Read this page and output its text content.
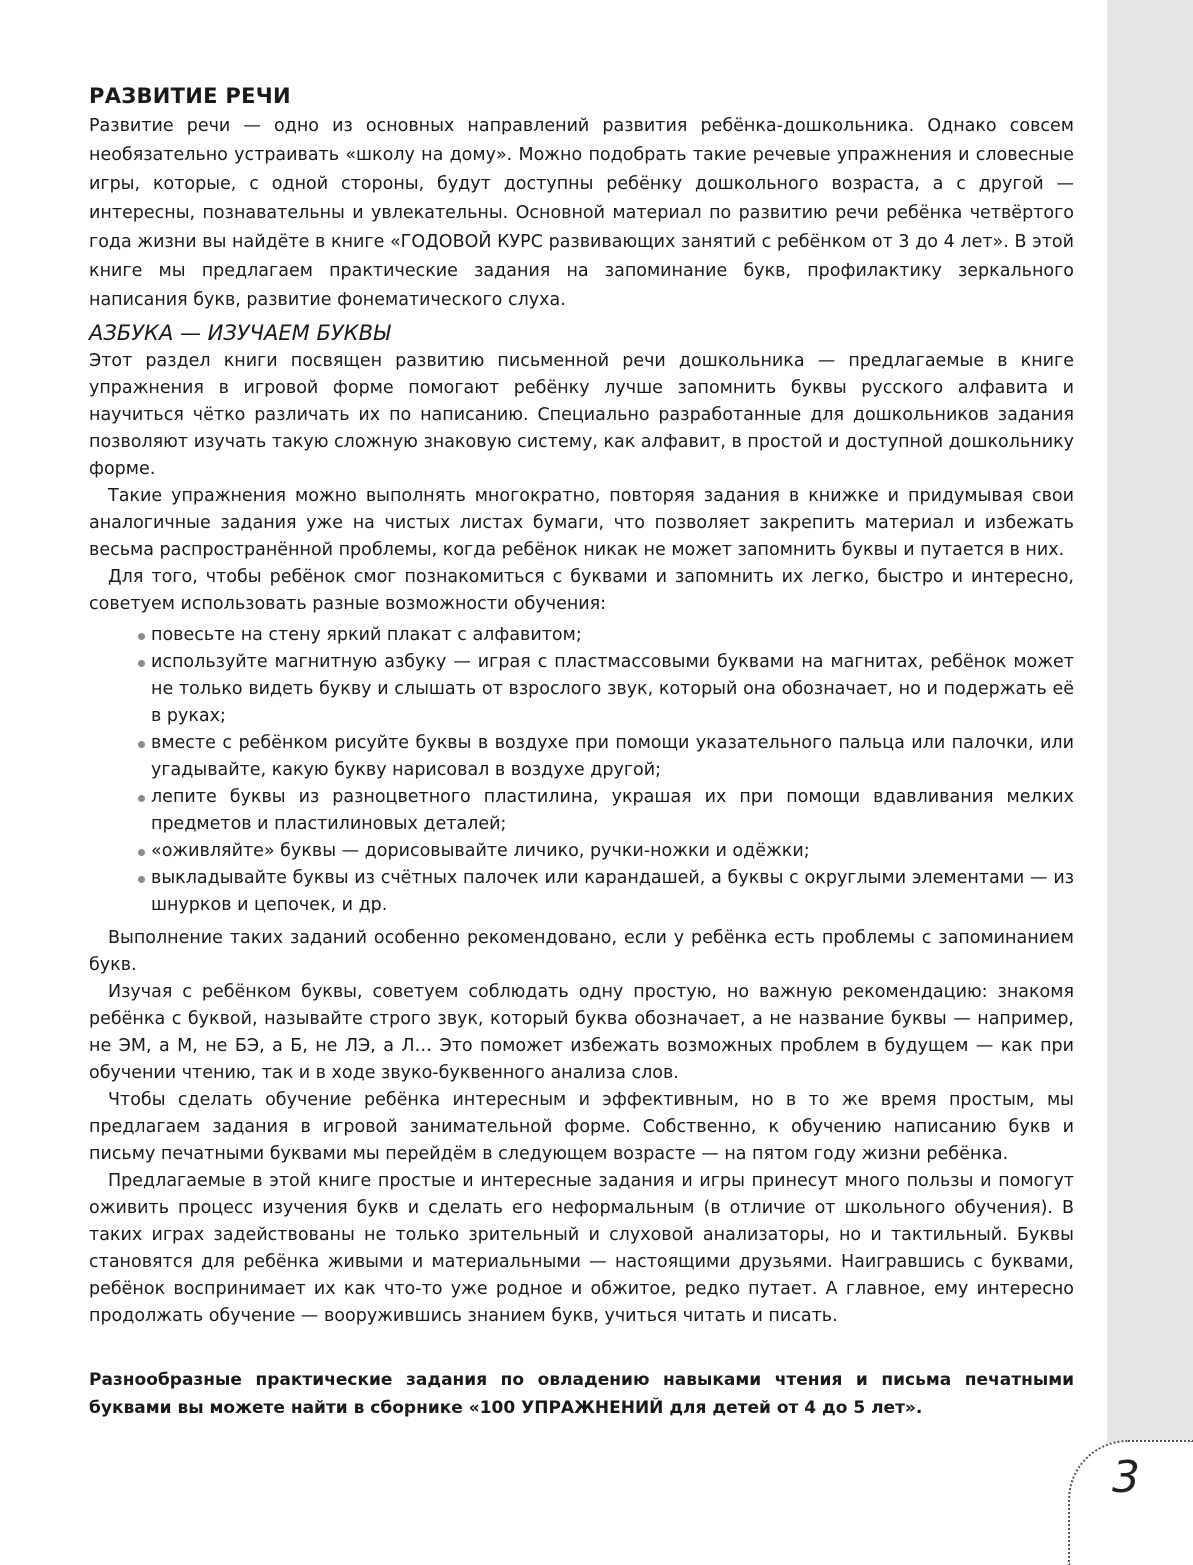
3
РАЗВИТИЕ РЕЧИ

Развитие речи — одно из основных направлений развития ребёнка-дошкольника. Однако совсем необязательно устраивать «школу на дому». Можно подобрать такие речевые упражнения и словесные игры, которые, с одной стороны, будут доступны ребёнку дошкольного возраста, а с другой — интересны, познавательны и увлекательны. Основной материал по развитию речи ребёнка четвёртого года жизни вы найдёте в книге «ГОДОВОЙ КУРС развивающих занятий с ребёнком от 3 до 4 лет». В этой книге мы предлагаем практические задания на запоминание букв, профилактику зеркального написания букв, развитие фонематического слуха.

АЗБУКА — ИЗУЧАЕМ БУКВЫ

Этот раздел книги посвящен развитию письменной речи дошкольника — предлагаемые в книге упражнения в игровой форме помогают ребёнку лучше запомнить буквы русского алфавита и научиться чётко различать их по написанию. Специально разработанные для дошкольников задания позволяют изучать такую сложную знаковую систему, как алфавит, в простой и доступной дошкольнику форме.

Такие упражнения можно выполнять многократно, повторяя задания в книжке и придумывая свои аналогичные задания уже на чистых листах бумаги, что позволяет закрепить материал и избежать весьма распространённой проблемы, когда ребёнок никак не может запомнить буквы и путается в них.

Для того, чтобы ребёнок смог познакомиться с буквами и запомнить их легко, быстро и интересно, советуем использовать разные возможности обучения:

повесьте на стену яркий плакат с алфавитом;
используйте магнитную азбуку — играя с пластмассовыми буквами на магнитах, ребёнок может не только видеть букву и слышать от взрослого звук, который она обозначает, но и подержать её в руках;
вместе с ребёнком рисуйте буквы в воздухе при помощи указательного пальца или палочки, или угадывайте, какую букву нарисовал в воздухе другой;
лепите буквы из разноцветного пластилина, украшая их при помощи вдавливания мелких предметов и пластилиновых деталей;
«оживляйте» буквы — дорисовывайте личико, ручки-ножки и одёжки;
выкладывайте буквы из счётных палочек или карандашей, а буквы с округлыми элементами — из шнурков и цепочек, и др.

Выполнение таких заданий особенно рекомендовано, если у ребёнка есть проблемы с запоминанием букв.

Изучая с ребёнком буквы, советуем соблюдать одну простую, но важную рекомендацию: знакомя ребёнка с буквой, называйте строго звук, который буква обозначает, а не название буквы — например, не ЭМ, а М, не БЭ, а Б, не ЛЭ, а Л… Это поможет избежать возможных проблем в будущем — как при обучении чтению, так и в ходе звуко-буквенного анализа слов.

Чтобы сделать обучение ребёнка интересным и эффективным, но в то же время простым, мы предлагаем задания в игровой занимательной форме. Собственно, к обучению написанию букв и письму печатными буквами мы перейдём в следующем возрасте — на пятом году жизни ребёнка.

Предлагаемые в этой книге простые и интересные задания и игры принесут много пользы и помогут оживить процесс изучения букв и сделать его неформальным (в отличие от школьного обучения). В таких играх задействованы не только зрительный и слуховой анализаторы, но и тактильный. Буквы становятся для ребёнка живыми и материальными — настоящими друзьями. Наигравшись с буквами, ребёнок воспринимает их как что-то уже родное и обжитое, редко путает. А главное, ему интересно продолжать обучение — вооружившись знанием букв, учиться читать и писать.

Разнообразные практические задания по овладению навыками чтения и письма печатными буквами вы можете найти в сборнике «100 УПРАЖНЕНИЙ для детей от 4 до 5 лет».
